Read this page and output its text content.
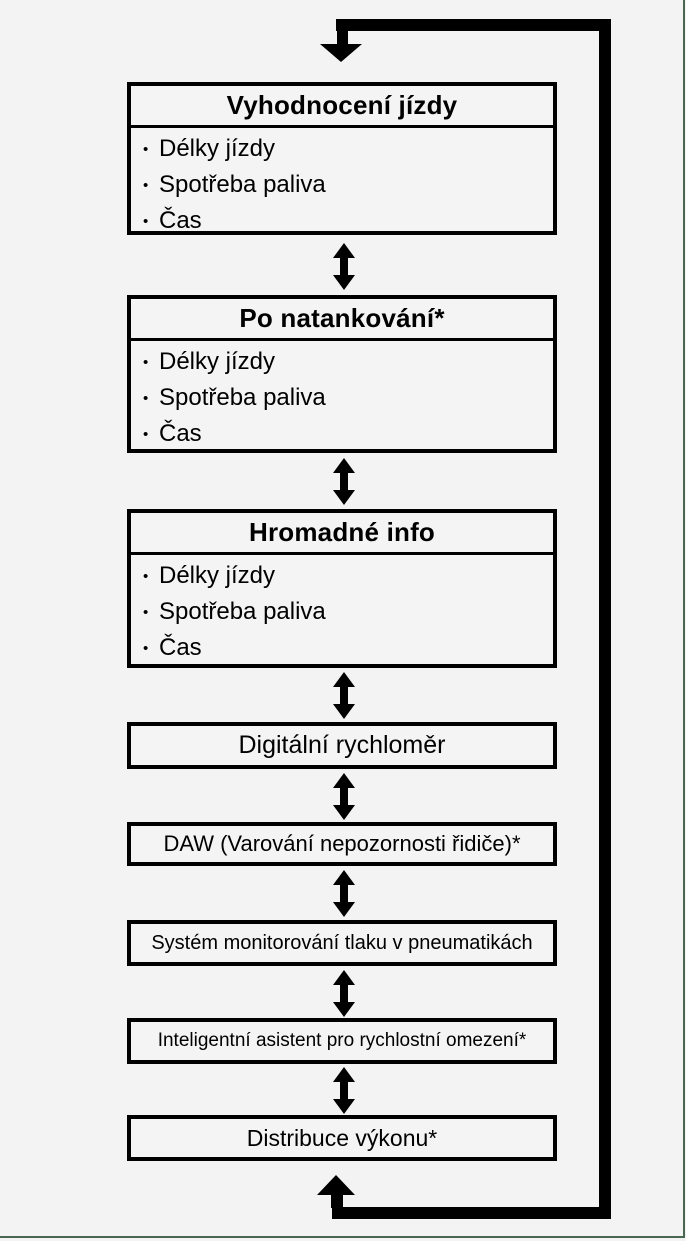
Vyhodnocení jízdy
• Délky jízdy
• Spotřeba paliva
• Čas
Po natankování*
• Délky jízdy
• Spotřeba paliva
• Čas
Hromadné info
• Délky jízdy
• Spotřeba paliva
• Čas
Digitální rychloměr
DAW (Varování nepozornosti řidiče)*
Systém monitorování tlaku v pneumatikách
Inteligentní asistent pro rychlostní omezení*
Distribuce výkonu*
